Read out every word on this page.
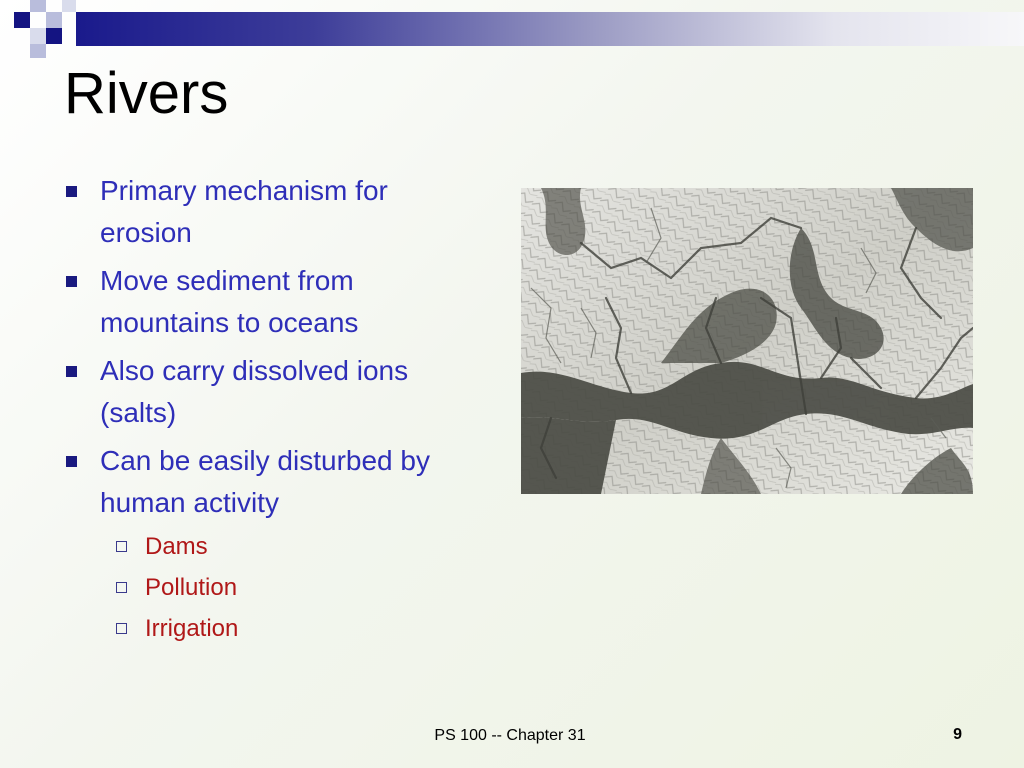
Rivers
Primary mechanism for erosion
Move sediment from mountains to oceans
Also carry dissolved ions (salts)
Can be easily disturbed by human activity
Dams
Pollution
Irrigation
PS 100 -- Chapter 31	9
